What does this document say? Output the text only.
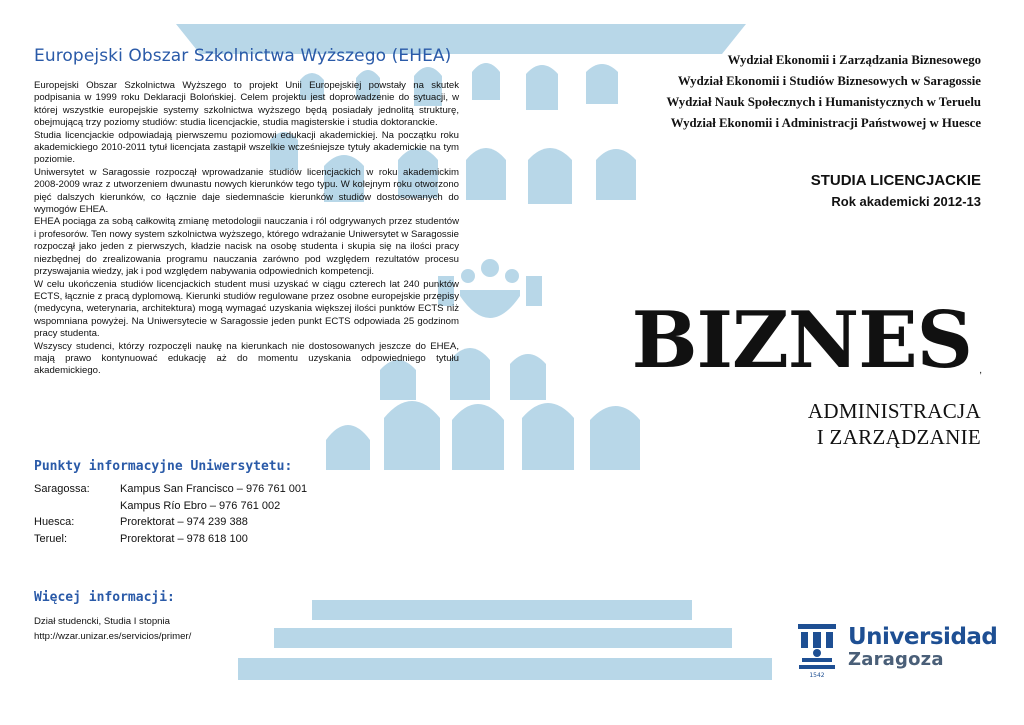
Europejski Obszar Szkolnictwa Wyższego (EHEA)

Europejski Obszar Szkolnictwa Wyższego to projekt Unii Europejskiej powstały na skutek podpisania w 1999 roku Deklaracji Bolońskiej. Celem projektu jest doprowadzenie do sytuacji, w której wszystkie europejskie systemy szkolnictwa wyższego będą posiadały jednolitą strukturę, obejmującą trzy poziomy studiów: studia licencjackie, studia magisterskie i studia doktoranckie.

Studia licencjackie odpowiadają pierwszemu poziomowi edukacji akademickiej. Na początku roku akademickiego 2010-2011 tytuł licencjata zastąpił wszelkie wcześniejsze tytuły akademickie na tym poziomie.

Uniwersytet w Saragossie rozpoczął wprowadzanie studiów licencjackich w roku akademickim 2008-2009 wraz z utworzeniem dwunastu nowych kierunków tego typu. W kolejnym roku otworzono pięć dalszych kierunków, co łącznie daje siedemnaście kierunków studiów dostosowanych do wymogów EHEA.

EHEA pociąga za sobą całkowitą zmianę metodologii nauczania i ról odgrywanych przez studentów i profesorów. Ten nowy system szkolnictwa wyższego, którego wdrażanie Uniwersytet w Saragossie rozpoczął jako jeden z pierwszych, kładzie nacisk na osobę studenta i skupia się na ilości pracy niezbędnej do zrealizowania programu nauczania zarówno pod względem rezultatów procesu przyswajania wiedzy, jak i pod względem nabywania odpowiednich kompetencji.

W celu ukończenia studiów licencjackich student musi uzyskać w ciągu czterech lat 240 punktów ECTS, łącznie z pracą dyplomową. Kierunki studiów regulowane przez osobne europejskie przepisy (medycyna, weterynaria, architektura) mogą wymagać uzyskania większej ilości punktów ECTS niż wspomniana powyżej. Na Uniwersytecie w Saragossie jeden punkt ECTS odpowiada 25 godzinom pracy studenta.

Wszyscy studenci, którzy rozpoczęli naukę na kierunkach nie dostosowanych jeszcze do EHEA, mają prawo kontynuować edukację aż do momentu uzyskania odpowiedniego tytułu akademickiego.

Punkty informacyjne Uniwersytetu:
Saragossa:	Kampus San Francisco – 976 761 001
Kampus Río Ebro – 976 761 002
Huesca:	Prorektorat – 974 239 388
Teruel:	Prorektorat – 978 618 100
Więcej informacji:
Dział studencki, Studia I stopnia
http://wzar.unizar.es/servicios/primer/
Wydział Ekonomii i Zarządzania Biznesowego
Wydział Ekonomii i Studiów Biznesowych w Saragossie
Wydział Nauk Społecznych i Humanistycznych w Teruelu
Wydział Ekonomii i Administracji Państwowej w Huesce
STUDIA LICENCJACKIE
Rok akademicki 2012-13
BIZNES ,
ADMINISTRACJA
I ZARZĄDZANIE
1542
Universidad
Zaragoza
